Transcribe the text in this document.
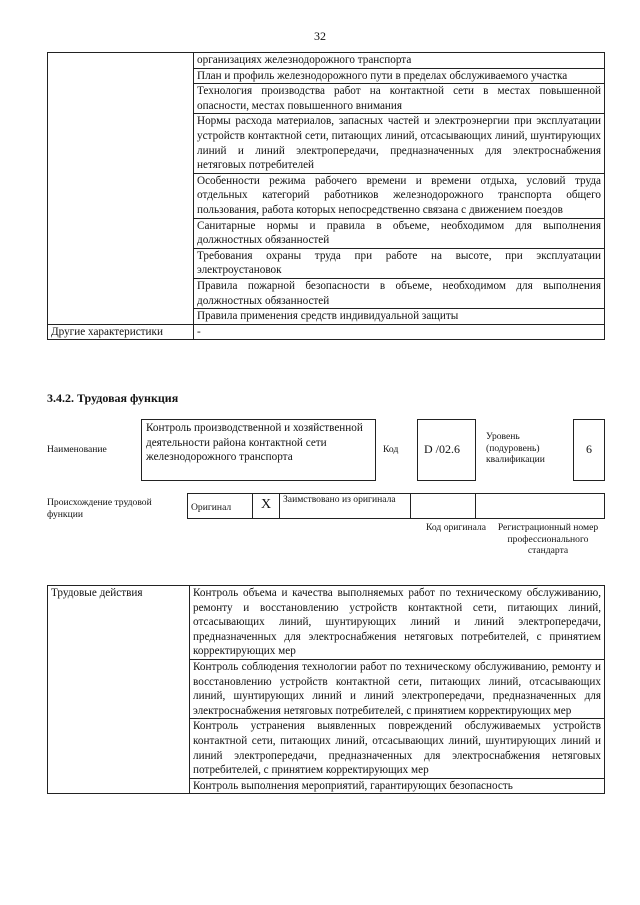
32
	организациях железнодорожного транспорта
	План и профиль железнодорожного пути в пределах обслуживаемого участка
	Технология производства работ на контактной сети в местах повышенной опасности, местах повышенного внимания
	Нормы расхода материалов, запасных частей и электроэнергии при эксплуатации устройств контактной сети, питающих линий, отсасывающих линий, шунтирующих линий и линий электропередачи, предназначенных для электроснабжения нетяговых потребителей
	Особенности режима рабочего времени и времени отдыха, условий труда отдельных категорий работников железнодорожного транспорта общего пользования, работа которых непосредственно связана с движением поездов
	Санитарные нормы и правила в объеме, необходимом для выполнения должностных обязанностей
	Требования охраны труда при работе на высоте, при эксплуатации электроустановок
	Правила пожарной безопасности в объеме, необходимом для выполнения должностных обязанностей
	Правила применения средств индивидуальной защиты
Другие характеристики	-
3.4.2. Трудовая функция
Наименование
Контроль производственной и хозяйственной деятельности района контактной сети железнодорожного транспорта
Код	D /02.6
Уровень (подуровень) квалификации
6
Происхождение трудовой функции
Оригинал	X	Заимствовано из оригинала		
Код оригинала	Регистрационный номер профессионального стандарта
Трудовые действия	Контроль объема и качества выполняемых работ по техническому обслуживанию, ремонту и восстановлению устройств контактной сети, питающих линий, отсасывающих линий, шунтирующих линий и линий электропередачи, предназначенных для электроснабжения нетяговых потребителей, с принятием корректирующих мер
Контроль соблюдения технологии работ по техническому обслуживанию, ремонту и восстановлению устройств контактной сети, питающих линий, отсасывающих линий, шунтирующих линий и линий электропередачи, предназначенных для электроснабжения нетяговых потребителей, с принятием корректирующих мер
Контроль устранения выявленных повреждений обслуживаемых устройств контактной сети, питающих линий, отсасывающих линий, шунтирующих линий и линий электропередачи, предназначенных для электроснабжения нетяговых потребителей, с принятием корректирующих мер
Контроль выполнения мероприятий, гарантирующих безопасность
